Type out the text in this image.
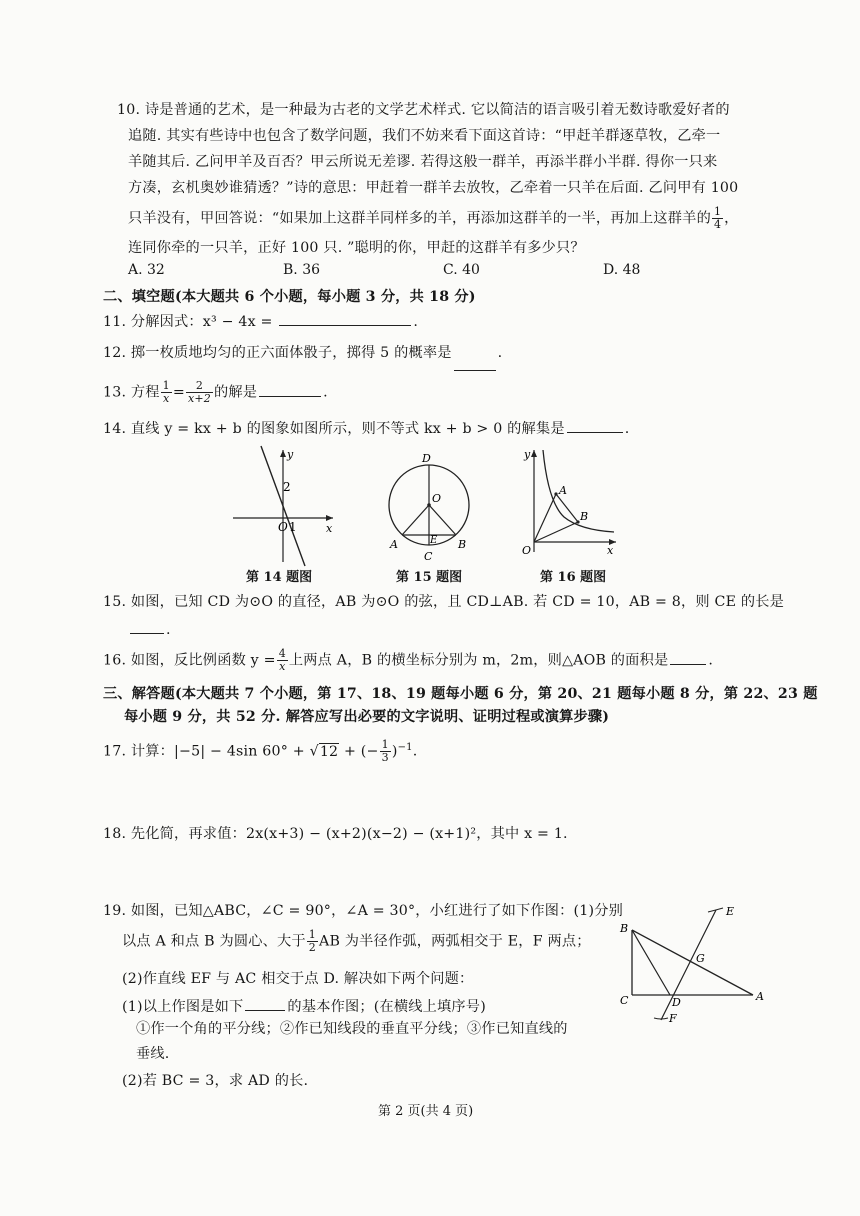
10. 诗是普通的艺术，是一种最为古老的文学艺术样式. 它以简洁的语言吸引着无数诗歌爱好者的
追随. 其实有些诗中也包含了数学问题，我们不妨来看下面这首诗：“甲赶羊群逐草牧，乙牵一
羊随其后. 乙问甲羊及百否？甲云所说无差谬. 若得这般一群羊，再添半群小半群. 得你一只来
方凑，玄机奥妙谁猜透？”诗的意思：甲赶着一群羊去放牧，乙牵着一只羊在后面. 乙问甲有 100
只羊没有，甲回答说：“如果加上这群羊同样多的羊，再添加这群羊的一半，再加上这群羊的 $\frac{1}{4}$ ，
连同你牵的一只羊，正好 100 只. ”聪明的你，甲赶的这群羊有多少只？
A. 32	B. 36	C. 40	D. 48
二、填空题(本大题共 6 个小题，每小题 3 分，共 18 分)
11. 分解因式：x³ − 4x =	.
12. 掷一枚质地均匀的正六面体骰子，掷得 5 的概率是	.
13. 方程 $\frac{1}{x} = \frac{2}{x+2}$ 的解是	.
14. 直线 y = kx + b 的图象如图所示，则不等式 kx + b > 0 的解集是	.
y
x
2
O 1
第 14 题图
D
O
A	E B
C
第 15 题图
y
A
B
O	x
第 16 题图
15. 如图，已知 CD 为⊙O 的直径，AB 为⊙O 的弦，且 CD⊥AB. 若 CD = 10，AB = 8，则 CE 的长是
.
16. 如图，反比例函数 $y = \frac{4}{x}$ 上两点 A，B 的横坐标分别为 m，2m，则△AOB 的面积是	.
三、解答题(本大题共 7 个小题，第 17、18、19 题每小题 6 分，第 20、21 题每小题 8 分，第 22、23 题
每小题 9 分，共 52 分. 解答应写出必要的文字说明、证明过程或演算步骤)
17. 计算：|−5| − 4sin 60° + √12 + (− $\frac{1}{3} )^{-1}$.
18. 先化简，再求值：2x(x+3) − (x+2)(x−2) − (x+1)²，其中 x = 1.
19. 如图，已知△ABC，∠C = 90°，∠A = 30°，小红进行了如下作图：(1)分别
以点 A 和点 B 为圆心、大于 $\frac{1}{2}$ AB 为半径作弧，两弧相交于 E，F 两点；
(2)作直线 EF 与 AC 相交于点 D. 解决如下两个问题：
(1)以上作图是如下	的基本作图；(在横线上填序号)
①作一个角的平分线；②作已知线段的垂直平分线；③作已知直线的
垂线.
(2)若 BC = 3，求 AD 的长.
B
E
G
C	D	A
F
第 2 页(共 4 页)
